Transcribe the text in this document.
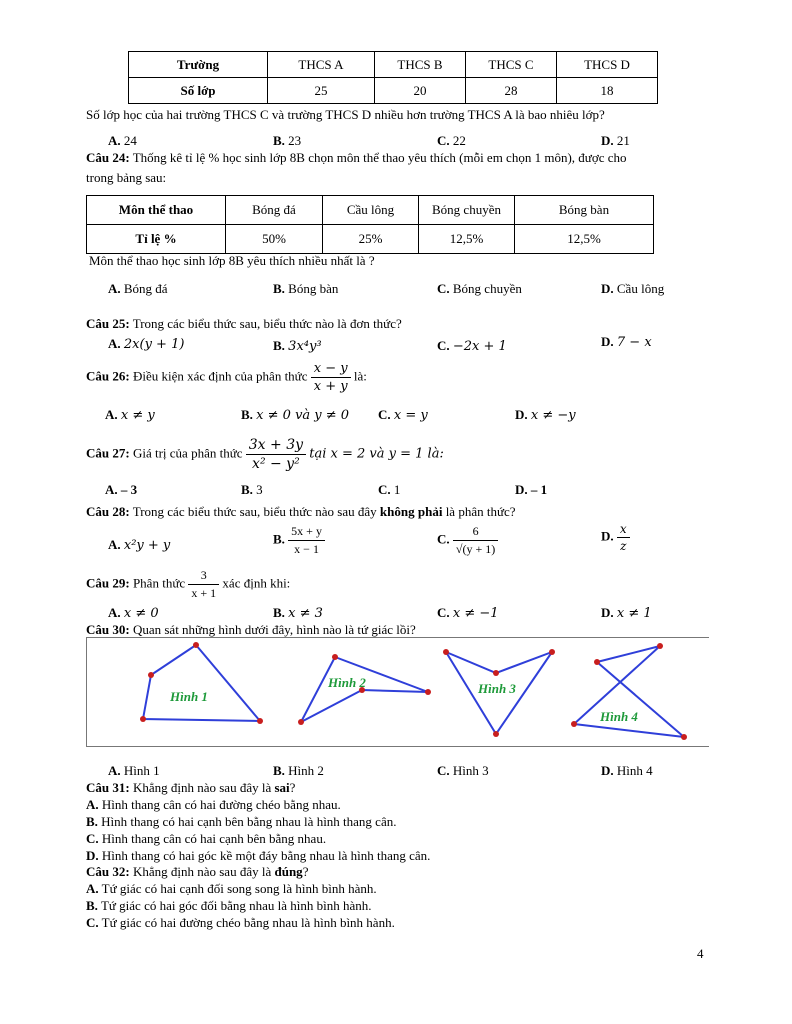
Trường	THCS A	THCS B	THCS C	THCS D
Số lớp	25	20	28	18
Số lớp học của hai trường THCS C và trường THCS D nhiều hơn trường THCS A là bao nhiêu lớp?
A. 24	B. 23	C. 22	D. 21
Câu 24: Thống kê tỉ lệ % học sinh lớp 8B chọn môn thể thao yêu thích (mỗi em chọn 1 môn), được cho
trong bảng sau:
Môn thể thao	Bóng đá	Cầu lông	Bóng chuyền	Bóng bàn
Tỉ lệ %	50%	25%	12,5%	12,5%
Môn thể thao học sinh lớp 8B yêu thích nhiều nhất là ?
A. Bóng đá	B. Bóng bàn	C. Bóng chuyền	D. Cầu lông
Câu 25: Trong các biểu thức sau, biểu thức nào là đơn thức?
A. 2x(y + 1)	B. 3x⁴y³	C. −2x + 1	D. 7 − x
Câu 26: Điều kiện xác định của phân thức $\frac{x - y}{x + y}$ là:
A. x ≠ y	B. x ≠ 0 và y ≠ 0 C. x = y	D. x ≠ −y
Câu 27: Giá trị của phân thức $\frac{3x + 3y}{\text{x² − y²}}$ tại x = 2 và y = 1 là:
A. – 3	B. 3	C. 1	D. – 1
Câu 28: Trong các biểu thức sau, biểu thức nào sau đây không phải là phân thức?
A. x²y + y	B. $\frac{5x + y}{x - 1}$	C. $\frac{6}{√(y + 1)}$	D. $\frac{x}{z}$
Câu 29: Phân thức $\frac{3}{x + 1}$ xác định khi:
A. x ≠ 0	B. x ≠ 3	C. x ≠ −1	D. x ≠ 1
Câu 30: Quan sát những hình dưới đây, hình nào là tứ giác lồi?
Hình 1
Hình 2	Hình 3
Hình 4
A. Hình 1	B. Hình 2	C. Hình 3	D. Hình 4
Câu 31: Khẳng định nào sau đây là sai?
A. Hình thang cân có hai đường chéo bằng nhau.
B. Hình thang có hai cạnh bên bằng nhau là hình thang cân.
C. Hình thang cân có hai cạnh bên bằng nhau.
D. Hình thang có hai góc kề một đáy bằng nhau là hình thang cân.
Câu 32: Khẳng định nào sau đây là đúng?
A. Tứ giác có hai cạnh đối song song là hình bình hành.
B. Tứ giác có hai góc đối bằng nhau là hình bình hành.
C. Tứ giác có hai đường chéo bằng nhau là hình bình hành.
4
